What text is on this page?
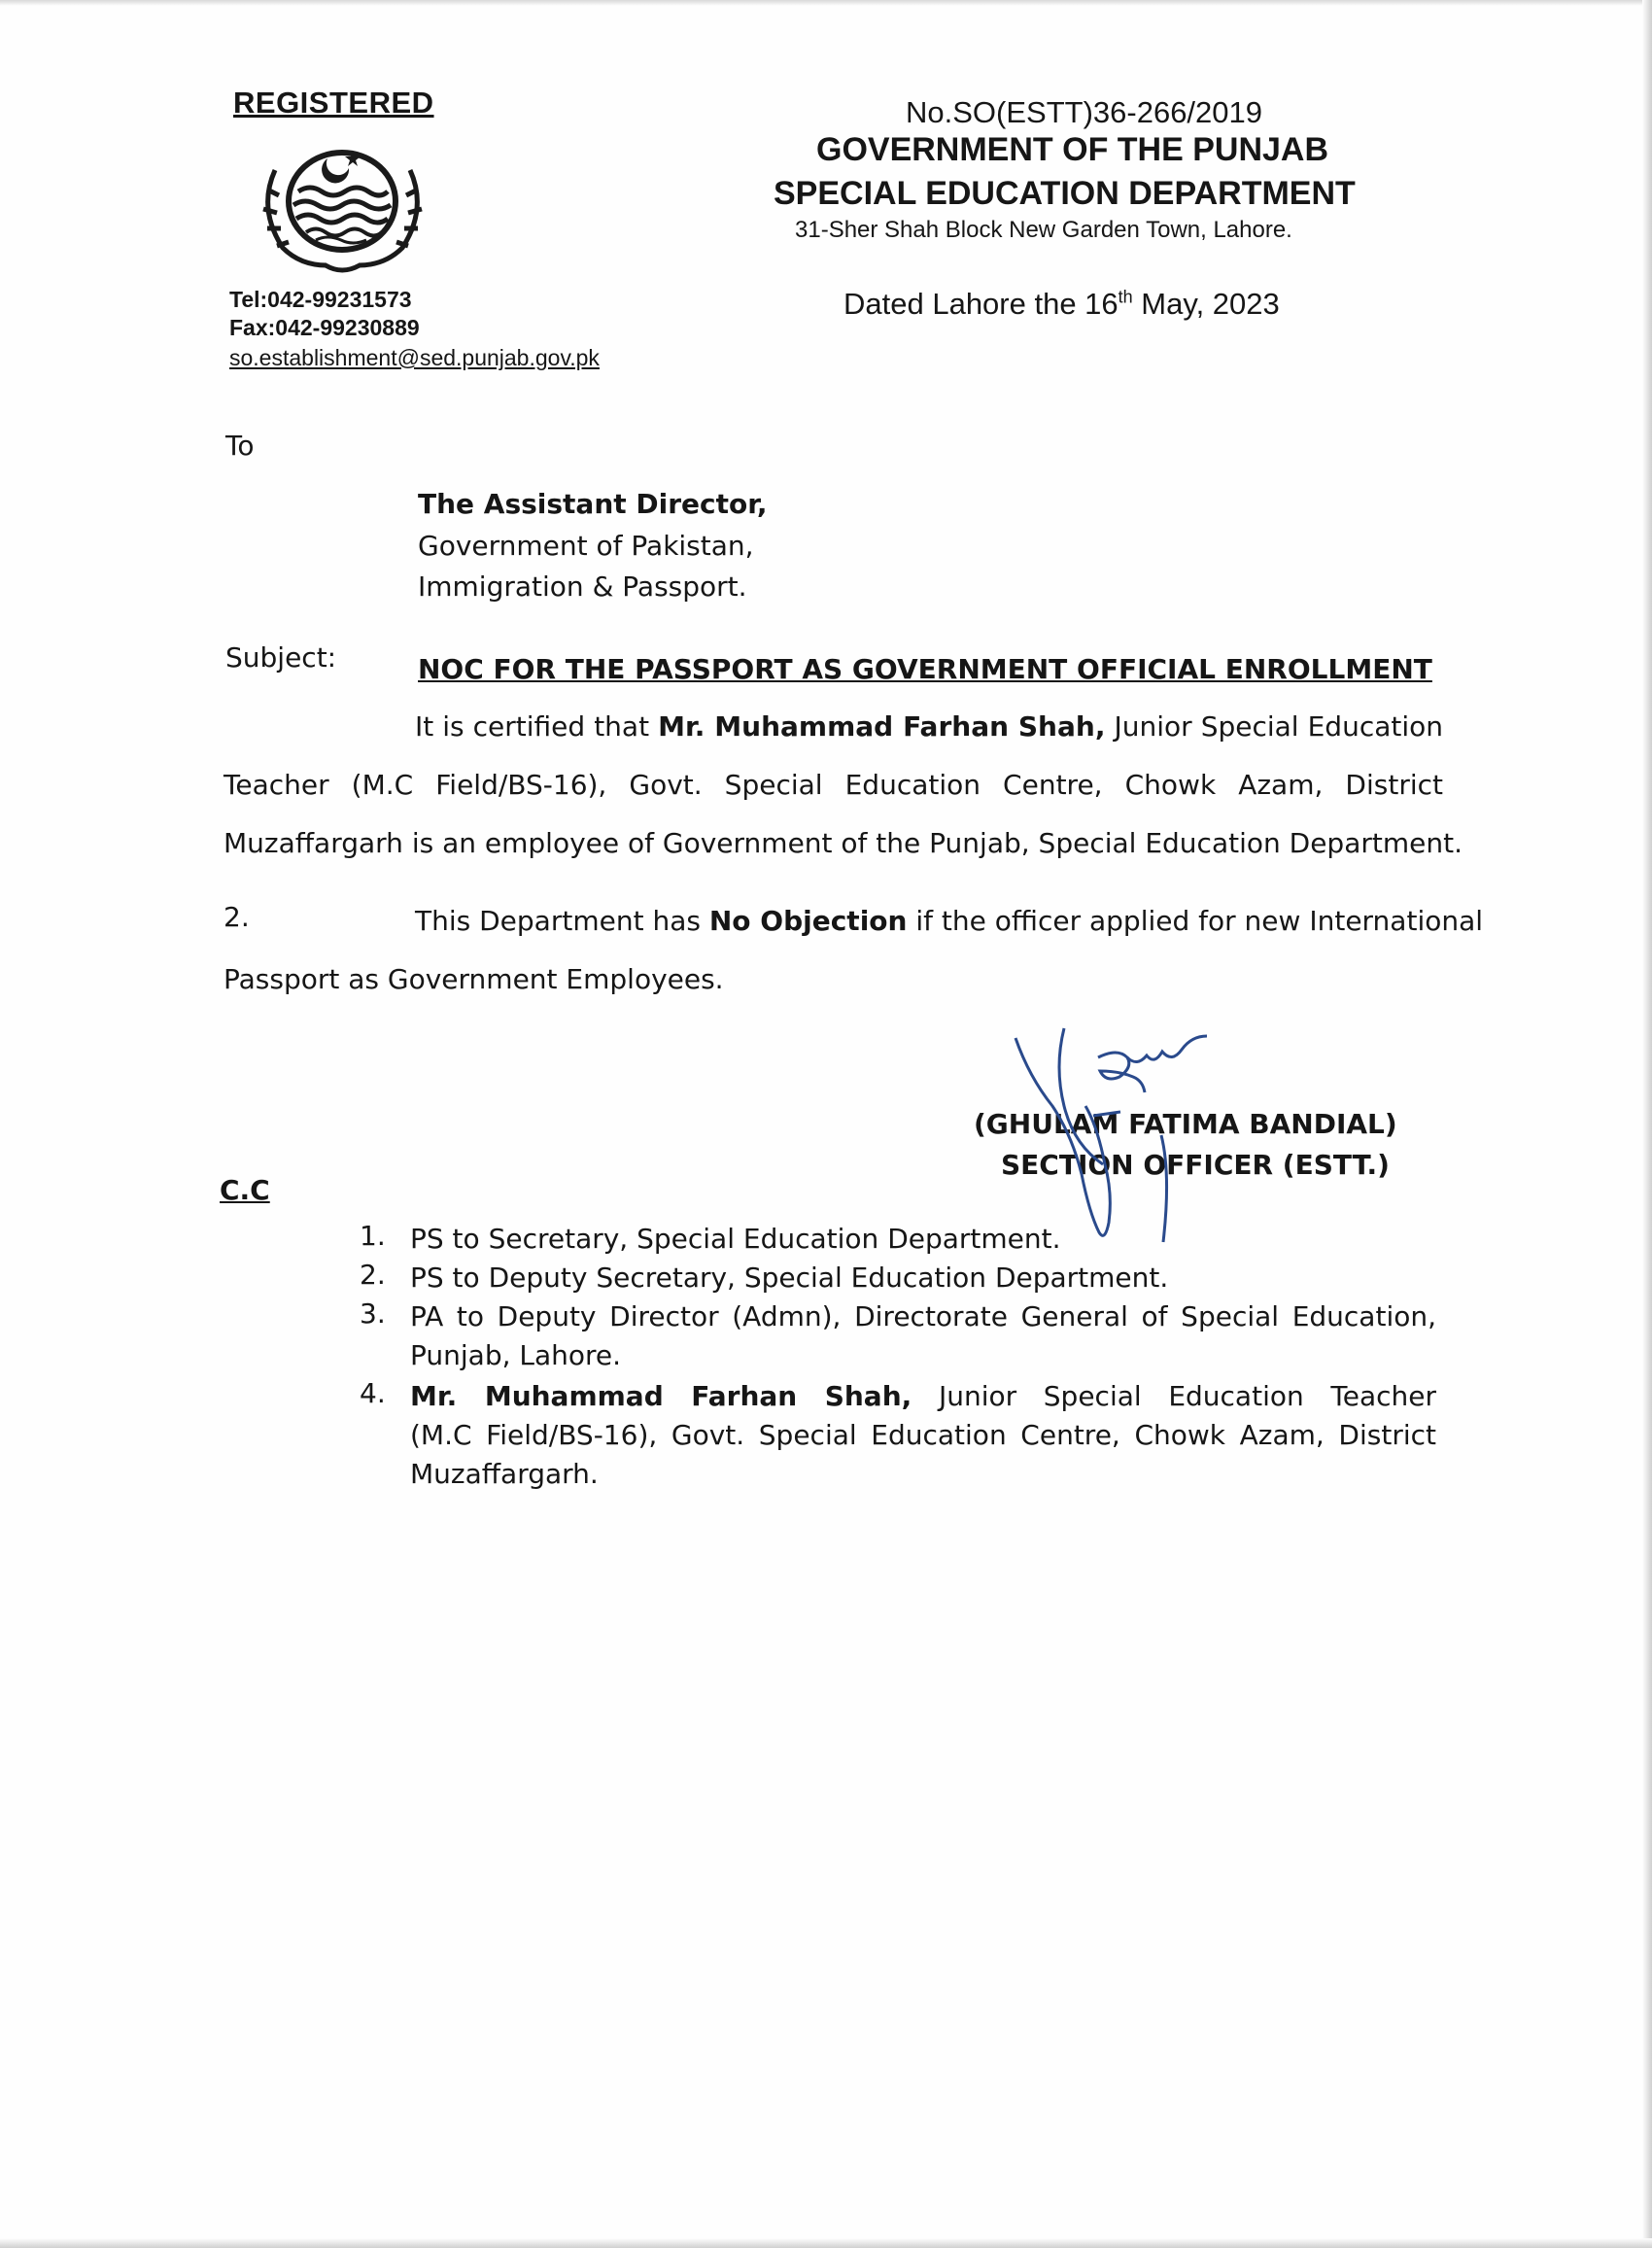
REGISTERED
Tel:042-99231573
Fax:042-99230889
so.establishment@sed.punjab.gov.pk
No.SO(ESTT)36-266/2019
GOVERNMENT OF THE PUNJAB
SPECIAL EDUCATION DEPARTMENT
31-Sher Shah Block New Garden Town, Lahore.
Dated Lahore the 16th May, 2023
To
The Assistant Director,
Government of Pakistan,
Immigration & Passport.
Subject:	NOC FOR THE PASSPORT AS GOVERNMENT OFFICIAL ENROLLMENT
It is certified that Mr. Muhammad Farhan Shah, Junior Special Education
Teacher (M.C Field/BS-16), Govt. Special Education Centre, Chowk Azam, District
Muzaffargarh is an employee of Government of the Punjab, Special Education Department.
2.	This Department has No Objection if the officer applied for new International
Passport as Government Employees.
(GHULAM FATIMA BANDIAL)
SECTION OFFICER (ESTT.)
C.C
1. PS to Secretary, Special Education Department.
2. PS to Deputy Secretary, Special Education Department.
3. PA to Deputy Director (Admn), Directorate General of Special Education,
Punjab, Lahore.
4. Mr. Muhammad Farhan Shah, Junior Special Education Teacher
(M.C Field/BS-16), Govt. Special Education Centre, Chowk Azam, District
Muzaffargarh.
